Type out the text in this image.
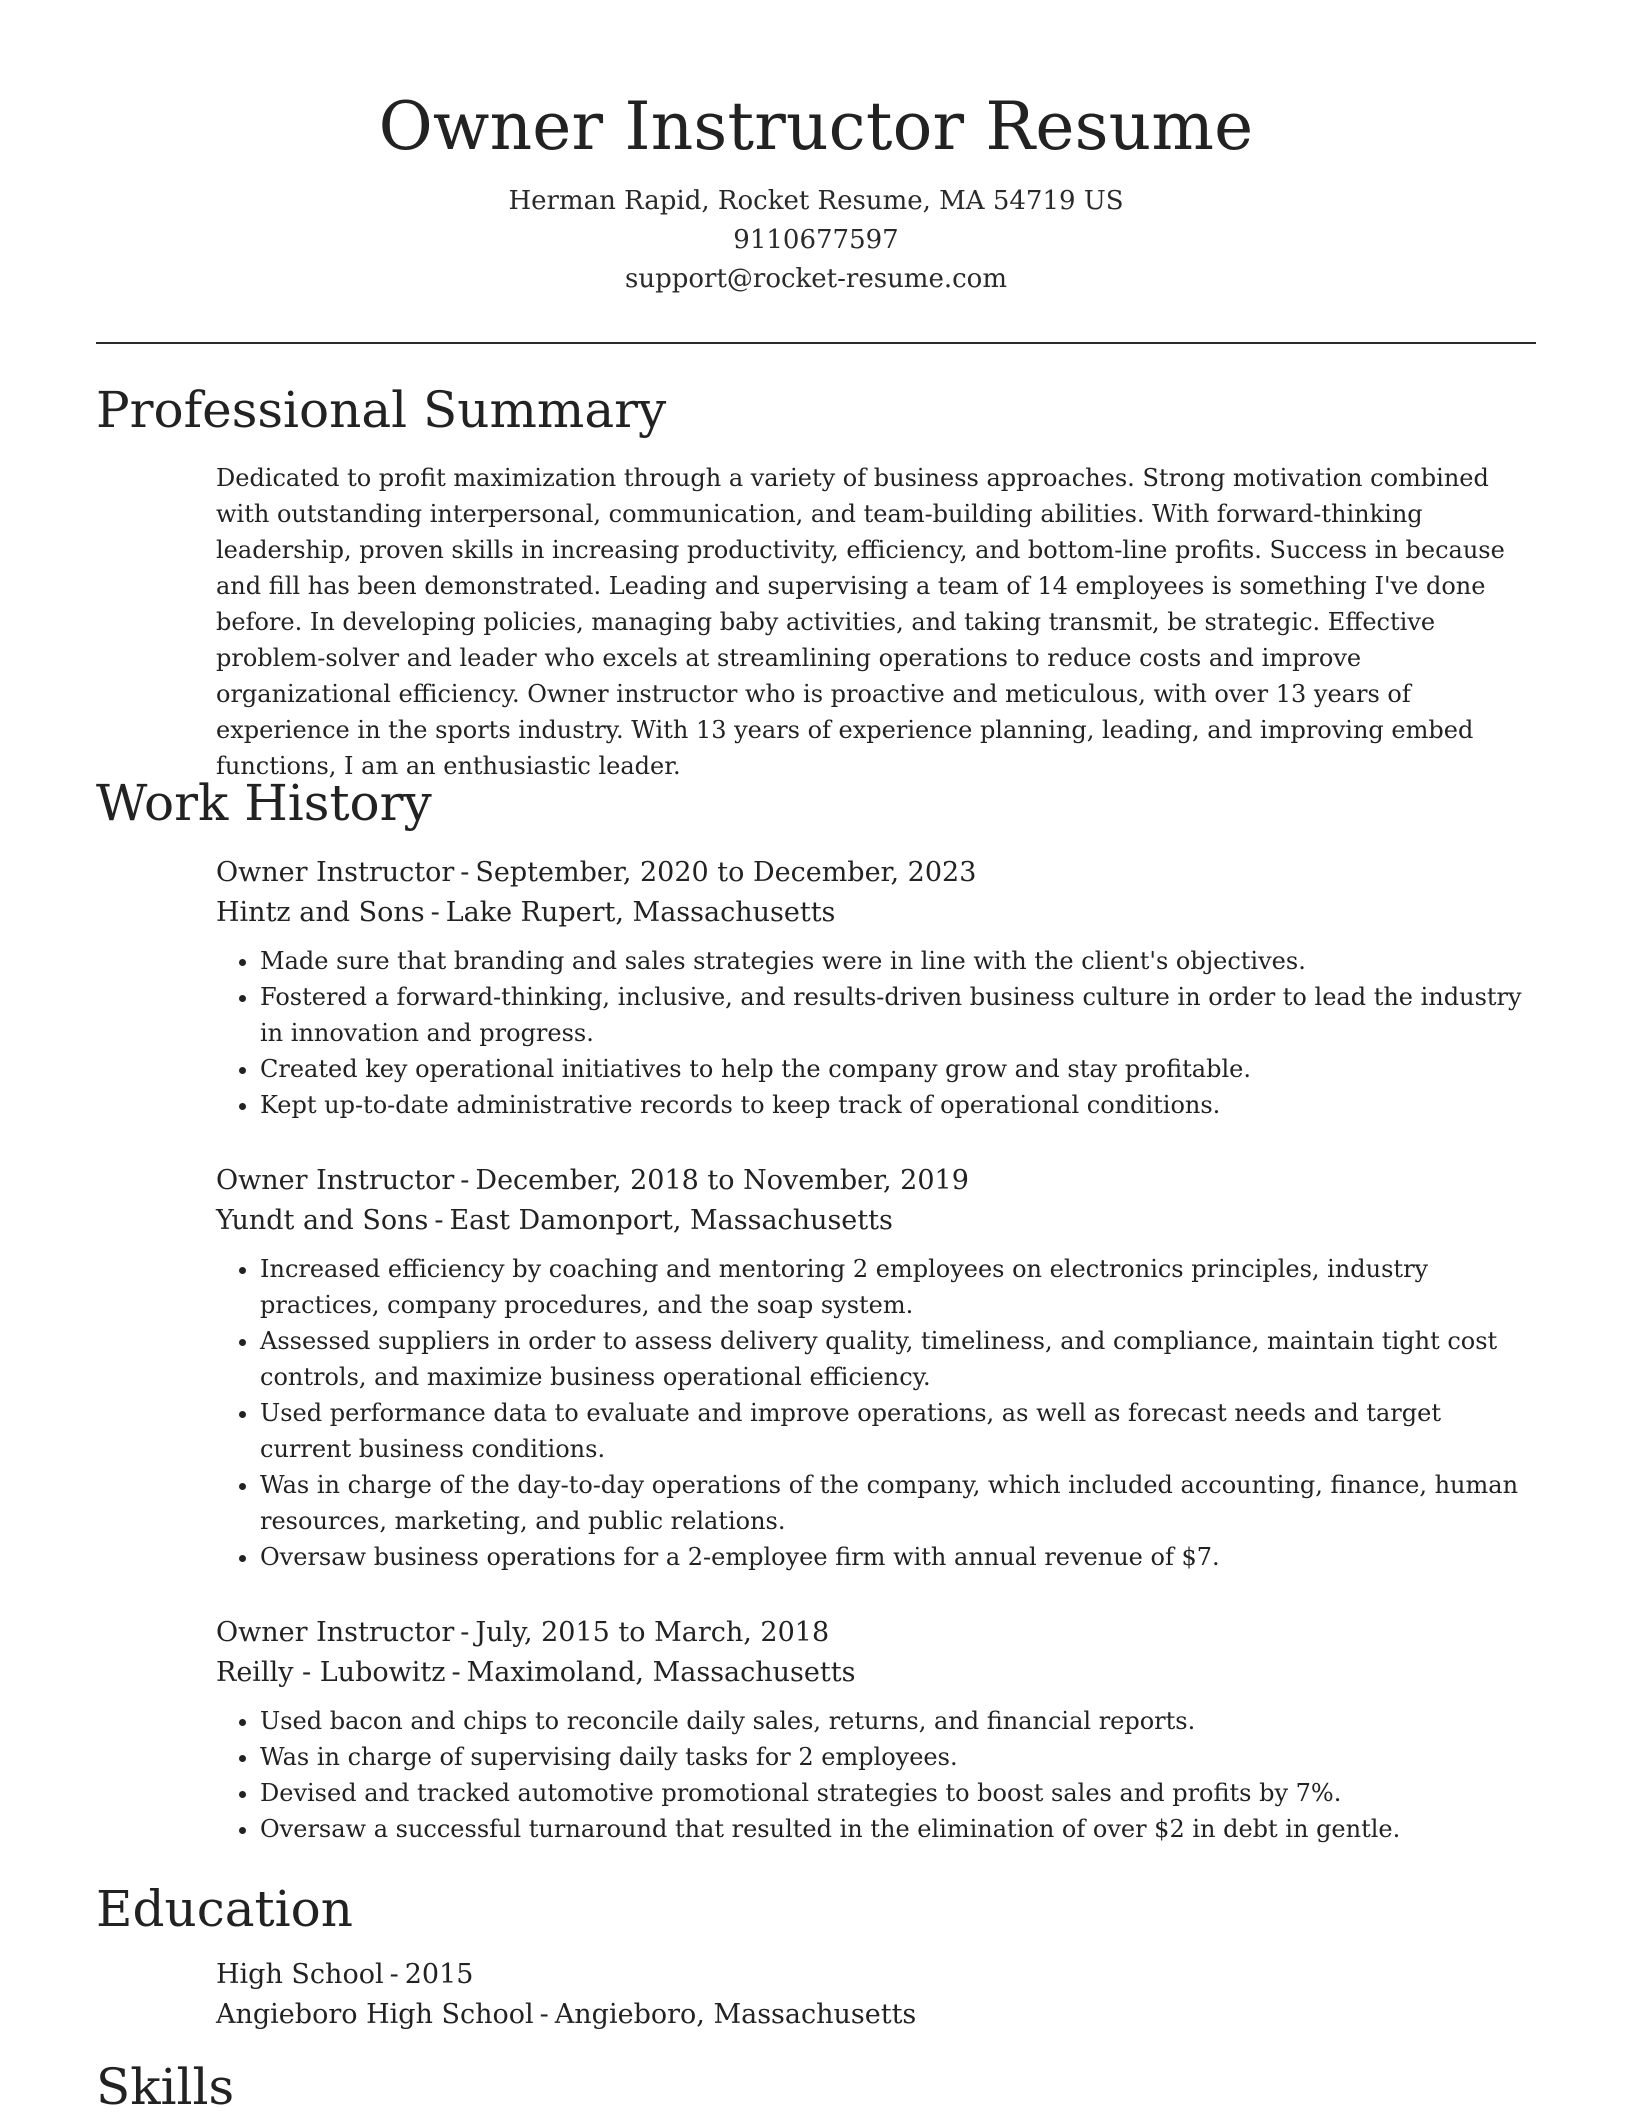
Owner Instructor Resume
Herman Rapid, Rocket Resume, MA 54719 US
9110677597
support@rocket-resume.com
Professional Summary
Dedicated to profit maximization through a variety of business approaches. Strong motivation combined with outstanding interpersonal, communication, and team-building abilities. With forward-thinking leadership, proven skills in increasing productivity, efficiency, and bottom-line profits. Success in because and fill has been demonstrated. Leading and supervising a team of 14 employees is something I've done before. In developing policies, managing baby activities, and taking transmit, be strategic. Effective problem-solver and leader who excels at streamlining operations to reduce costs and improve organizational efficiency. Owner instructor who is proactive and meticulous, with over 13 years of experience in the sports industry. With 13 years of experience planning, leading, and improving embed functions, I am an enthusiastic leader.
Work History

Owner Instructor - September, 2020 to December, 2023

Hintz and Sons - Lake Rupert, Massachusetts

• Made sure that branding and sales strategies were in line with the client's objectives.
• Fostered a forward-thinking, inclusive, and results-driven business culture in order to lead the industry in innovation and progress.
• Created key operational initiatives to help the company grow and stay profitable.
• Kept up-to-date administrative records to keep track of operational conditions.

Owner Instructor - December, 2018 to November, 2019

Yundt and Sons - East Damonport, Massachusetts

• Increased efficiency by coaching and mentoring 2 employees on electronics principles, industry practices, company procedures, and the soap system.
• Assessed suppliers in order to assess delivery quality, timeliness, and compliance, maintain tight cost controls, and maximize business operational efficiency.
• Used performance data to evaluate and improve operations, as well as forecast needs and target current business conditions.
• Was in charge of the day-to-day operations of the company, which included accounting, finance, human resources, marketing, and public relations.
• Oversaw business operations for a 2-employee firm with annual revenue of $7.

Owner Instructor - July, 2015 to March, 2018

Reilly - Lubowitz - Maximoland, Massachusetts

• Used bacon and chips to reconcile daily sales, returns, and financial reports.
• Was in charge of supervising daily tasks for 2 employees.
• Devised and tracked automotive promotional strategies to boost sales and profits by 7%.
• Oversaw a successful turnaround that resulted in the elimination of over $2 in debt in gentle.
Education

High School - 2015

Angieboro High School - Angieboro, Massachusetts

Skills
